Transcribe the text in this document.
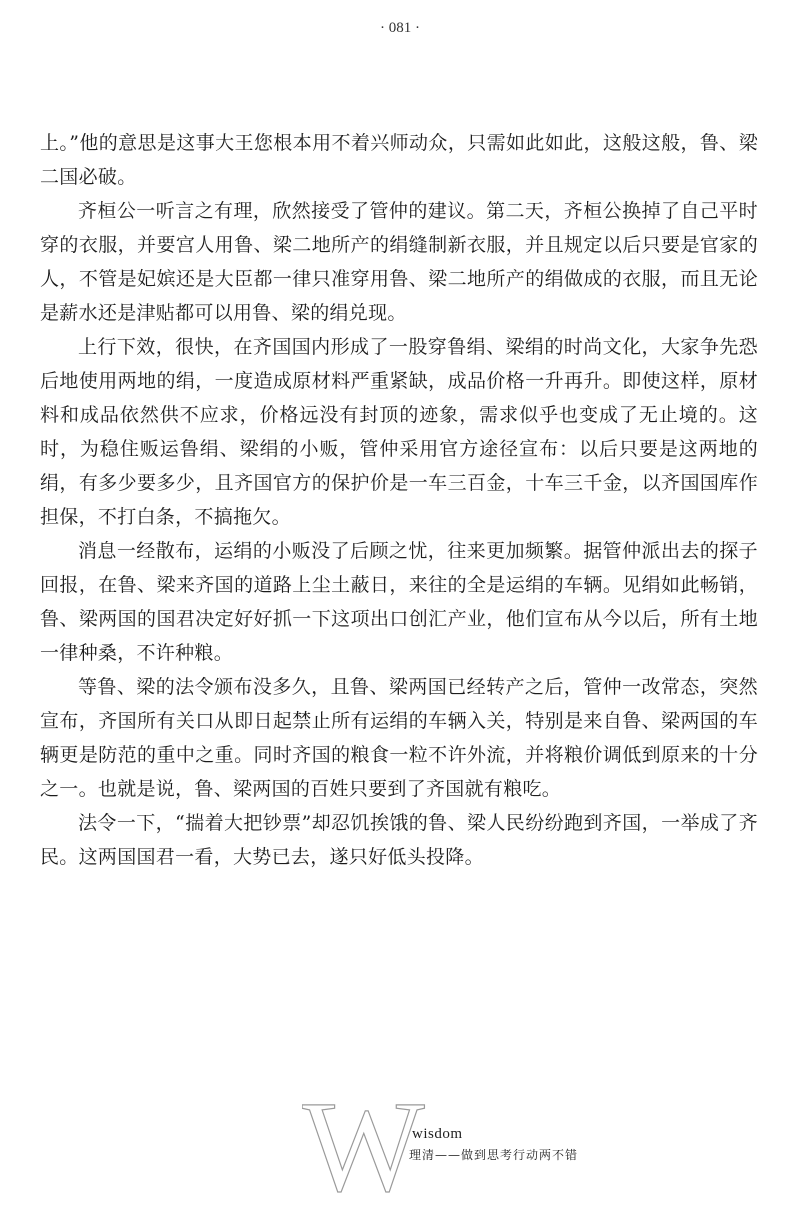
· 081 ·

上。”他的意思是这事大王您根本用不着兴师动众，只需如此如此，这般这般，鲁、梁二国必破。

齐桓公一听言之有理，欣然接受了管仲的建议。第二天，齐桓公换掉了自己平时穿的衣服，并要宫人用鲁、梁二地所产的绢缝制新衣服，并且规定以后只要是官家的人，不管是妃嫔还是大臣都一律只准穿用鲁、梁二地所产的绢做成的衣服，而且无论是薪水还是津贴都可以用鲁、梁的绢兑现。

上行下效，很快，在齐国国内形成了一股穿鲁绢、梁绢的时尚文化，大家争先恐后地使用两地的绢，一度造成原材料严重紧缺，成品价格一升再升。即使这样，原材料和成品依然供不应求，价格远没有封顶的迹象，需求似乎也变成了无止境的。这时，为稳住贩运鲁绢、梁绢的小贩，管仲采用官方途径宣布：以后只要是这两地的绢，有多少要多少，且齐国官方的保护价是一车三百金，十车三千金，以齐国国库作担保，不打白条，不搞拖欠。

消息一经散布，运绢的小贩没了后顾之忧，往来更加频繁。据管仲派出去的探子回报，在鲁、梁来齐国的道路上尘土蔽日，来往的全是运绢的车辆。见绢如此畅销，鲁、梁两国的国君决定好好抓一下这项出口创汇产业，他们宣布从今以后，所有土地一律种桑，不许种粮。

等鲁、梁的法令颁布没多久，且鲁、梁两国已经转产之后，管仲一改常态，突然宣布，齐国所有关口从即日起禁止所有运绢的车辆入关，特别是来自鲁、梁两国的车辆更是防范的重中之重。同时齐国的粮食一粒不许外流，并将粮价调低到原来的十分之一。也就是说，鲁、梁两国的百姓只要到了齐国就有粮吃。

法令一下，“揣着大把钞票”却忍饥挨饿的鲁、梁人民纷纷跑到齐国，一举成了齐民。这两国国君一看，大势已去，遂只好低头投降。

W
wisdom
理清——做到思考行动两不错
